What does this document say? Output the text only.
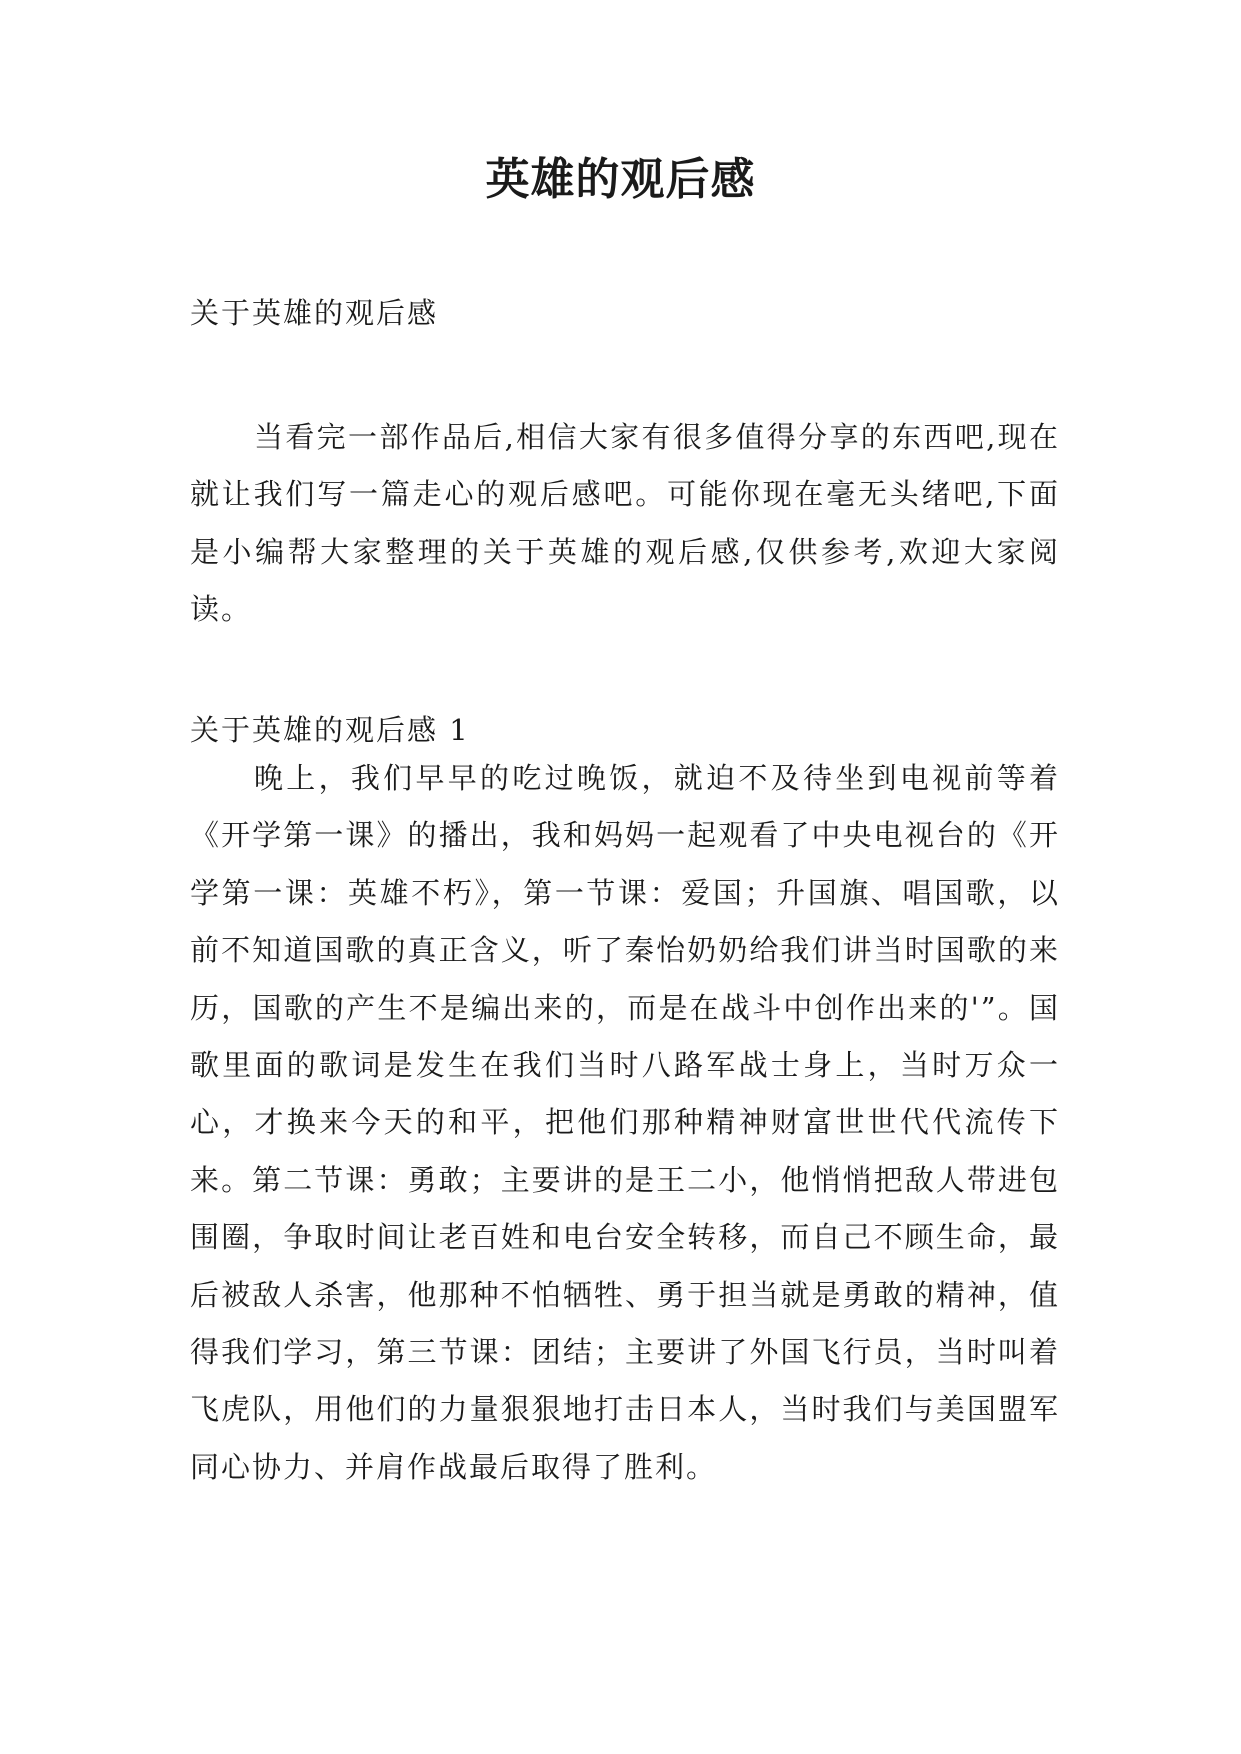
英雄的观后感

关于英雄的观后感

当看完一部作品后,相信大家有很多值得分享的东西吧,现在就让我们写一篇走心的观后感吧。可能你现在毫无头绪吧,下面是小编帮大家整理的关于英雄的观后感,仅供参考,欢迎大家阅读。

关于英雄的观后感 1

晚上，我们早早的吃过晚饭，就迫不及待坐到电视前等着《开学第一课》的播出，我和妈妈一起观看了中央电视台的《开学第一课：英雄不朽》，第一节课：爱国；升国旗、唱国歌，以前不知道国歌的真正含义，听了秦怡奶奶给我们讲当时国歌的来历，国歌的产生不是编出来的，而是在战斗中创作出来的'”。国歌里面的歌词是发生在我们当时八路军战士身上，当时万众一心，才换来今天的和平，把他们那种精神财富世世代代流传下来。第二节课：勇敢；主要讲的是王二小，他悄悄把敌人带进包围圈，争取时间让老百姓和电台安全转移，而自己不顾生命，最后被敌人杀害，他那种不怕牺牲、勇于担当就是勇敢的精神，值得我们学习，第三节课：团结；主要讲了外国飞行员，当时叫着飞虎队，用他们的力量狠狠地打击日本人，当时我们与美国盟军同心协力、并肩作战最后取得了胜利。
